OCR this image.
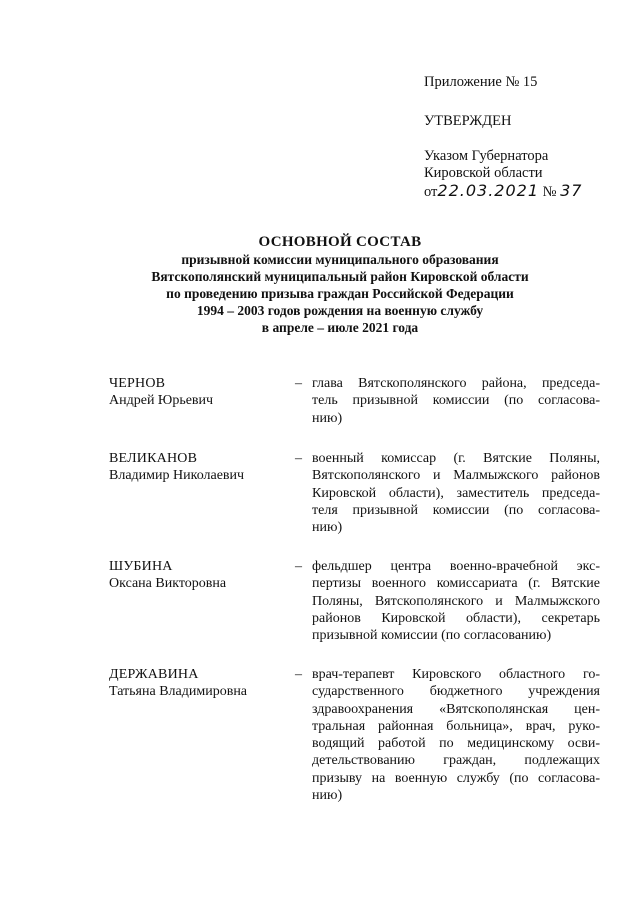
Приложение № 15
УТВЕРЖДЕН
Указом Губернатора
Кировской области
от22.03.2021 № 37
ОСНОВНОЙ СОСТАВ
призывной комиссии муниципального образования
Вятскополянский муниципальный район Кировской области
по проведению призыва граждан Российской Федерации
1994 – 2003 годов рождения на военную службу
в апреле – июле 2021 года
ЧЕРНОВ
Андрей Юрьевич
– глава Вятскополянского района, председа-
тель призывной комиссии (по согласова-
нию)
ВЕЛИКАНОВ
Владимир Николаевич
– военный комиссар (г. Вятские Поляны,
Вятскополянского и Малмыжского районов
Кировской области), заместитель председа-
теля призывной комиссии (по согласова-
нию)
ШУБИНА
Оксана Викторовна
– фельдшер центра военно-врачебной экс-
пертизы военного комиссариата (г. Вятские
Поляны, Вятскополянского и Малмыжского
районов Кировской области), секретарь
призывной комиссии (по согласованию)
ДЕРЖАВИНА
Татьяна Владимировна
– врач-терапевт Кировского областного го-
сударственного бюджетного учреждения
здравоохранения «Вятскополянская цен-
тральная районная больница», врач, руко-
водящий работой по медицинскому осви-
детельствованию граждан, подлежащих
призыву на военную службу (по согласова-
нию)
